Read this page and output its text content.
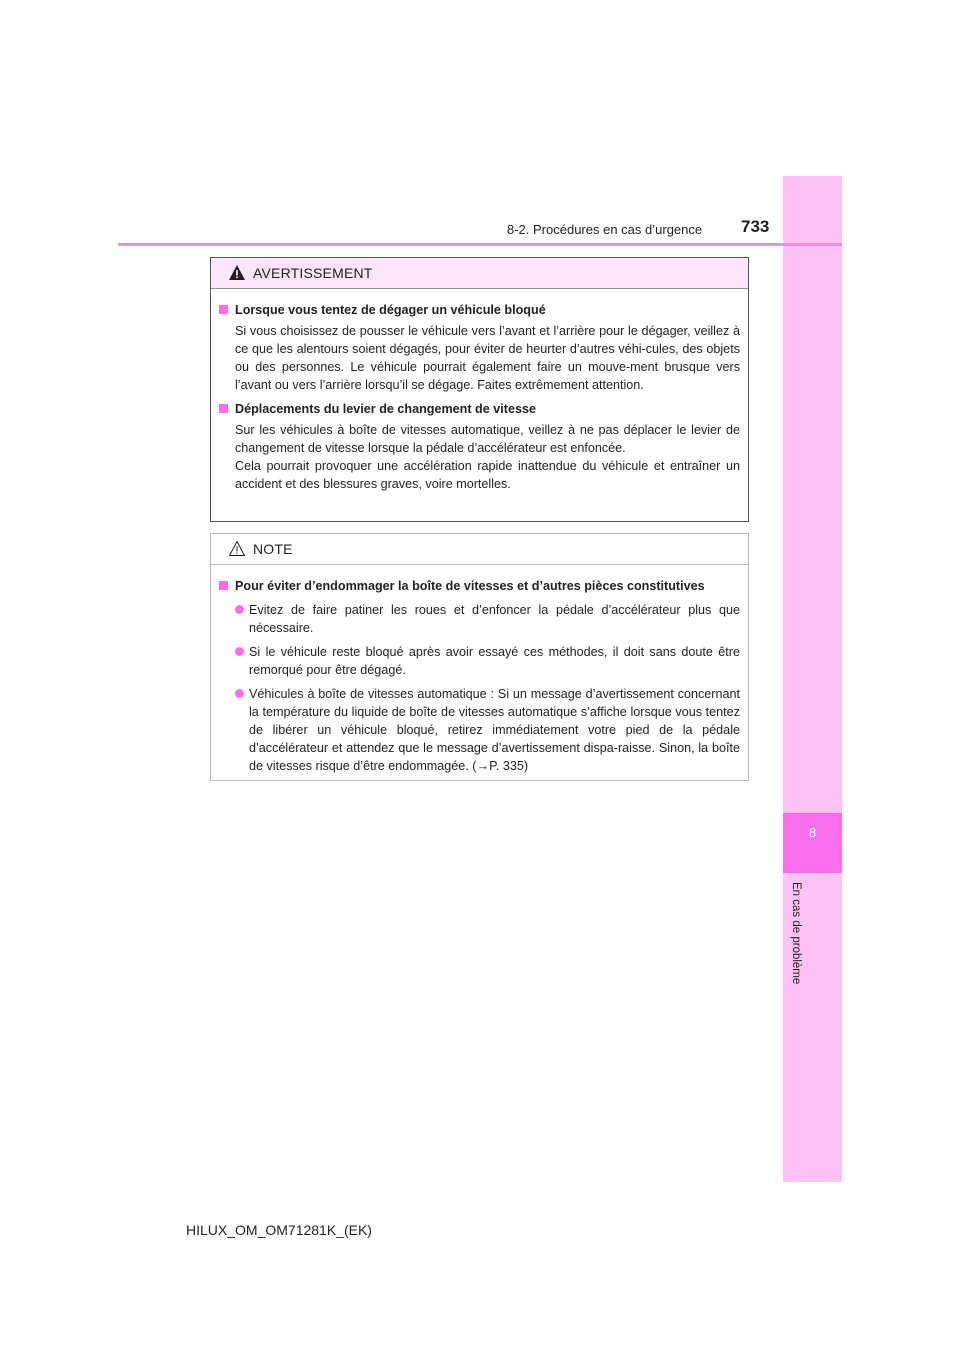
8
En cas de problème
8-2. Procédures en cas d’urgence 733
AVERTISSEMENT
Lorsque vous tentez de dégager un véhicule bloqué
Si vous choisissez de pousser le véhicule vers l’avant et l’arrière pour le dégager, veillez à ce que les alentours soient dégagés, pour éviter de heurter d’autres véhi-cules, des objets ou des personnes. Le véhicule pourrait également faire un mouve-ment brusque vers l’avant ou vers l’arrière lorsqu’il se dégage. Faites extrêmement attention.
Déplacements du levier de changement de vitesse
Sur les véhicules à boîte de vitesses automatique, veillez à ne pas déplacer le levier de changement de vitesse lorsque la pédale d’accélérateur est enfoncée.
Cela pourrait provoquer une accélération rapide inattendue du véhicule et entraîner un accident et des blessures graves, voire mortelles.
NOTE
Pour éviter d’endommager la boîte de vitesses et d’autres pièces constitutives
Evitez de faire patiner les roues et d’enfoncer la pédale d’accélérateur plus que nécessaire.
Si le véhicule reste bloqué après avoir essayé ces méthodes, il doit sans doute être remorqué pour être dégagé.
Véhicules à boîte de vitesses automatique : Si un message d’avertissement concernant la température du liquide de boîte de vitesses automatique s’affiche lorsque vous tentez de libérer un véhicule bloqué, retirez immédiatement votre pied de la pédale d’accélérateur et attendez que le message d’avertissement dispa-raisse. Sinon, la boîte de vitesses risque d’être endommagée. (→P. 335)
HILUX_OM_OM71281K_(EK)
